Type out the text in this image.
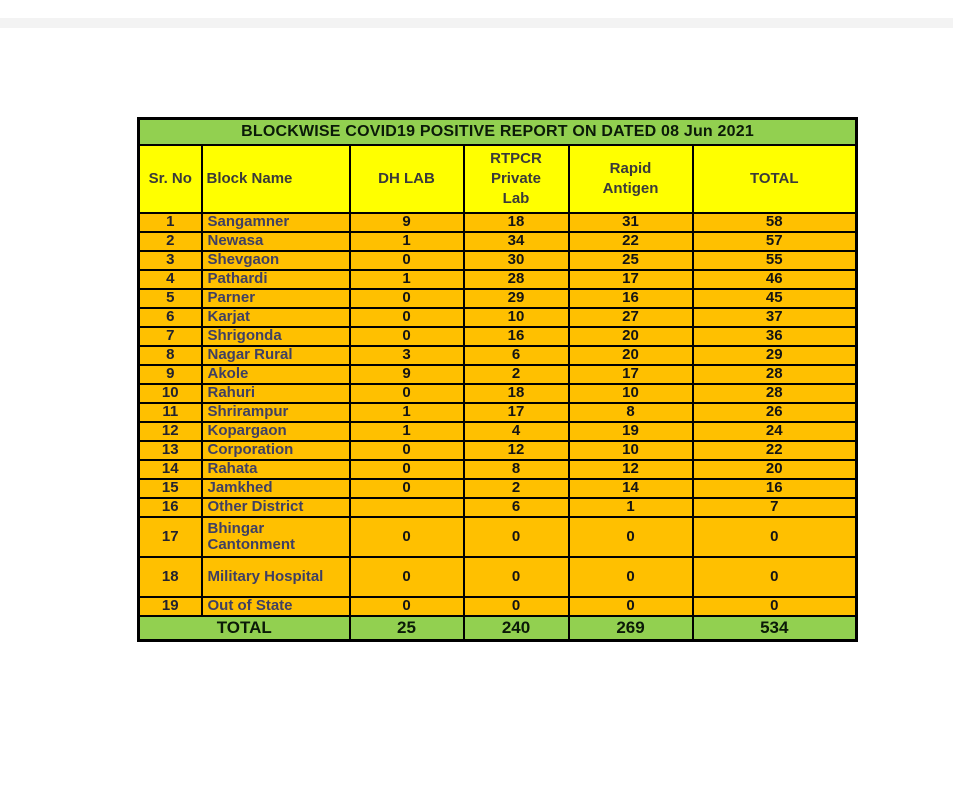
BLOCKWISE COVID19 POSITIVE REPORT ON DATED 08 Jun 2021					
Sr. No	Block Name	DH LAB	RTPCR Private Lab	Rapid Antigen	TOTAL
1	Sangamner	9	18	31	58
2	Newasa	1	34	22	57
3	Shevgaon	0	30	25	55
4	Pathardi	1	28	17	46
5	Parner	0	29	16	45
6	Karjat	0	10	27	37
7	Shrigonda	0	16	20	36
8	Nagar Rural	3	6	20	29
9	Akole	9	2	17	28
10	Rahuri	0	18	10	28
11	Shrirampur	1	17	8	26
12	Kopargaon	1	4	19	24
13	Corporation	0	12	10	22
14	Rahata	0	8	12	20
15	Jamkhed	0	2	14	16
16	Other District		6	1	7
17	Bhingar Cantonment	0	0	0	0
18	Military Hospital	0	0	0	0
19	Out of State	0	0	0	0
TOTAL		25	240	269	534
